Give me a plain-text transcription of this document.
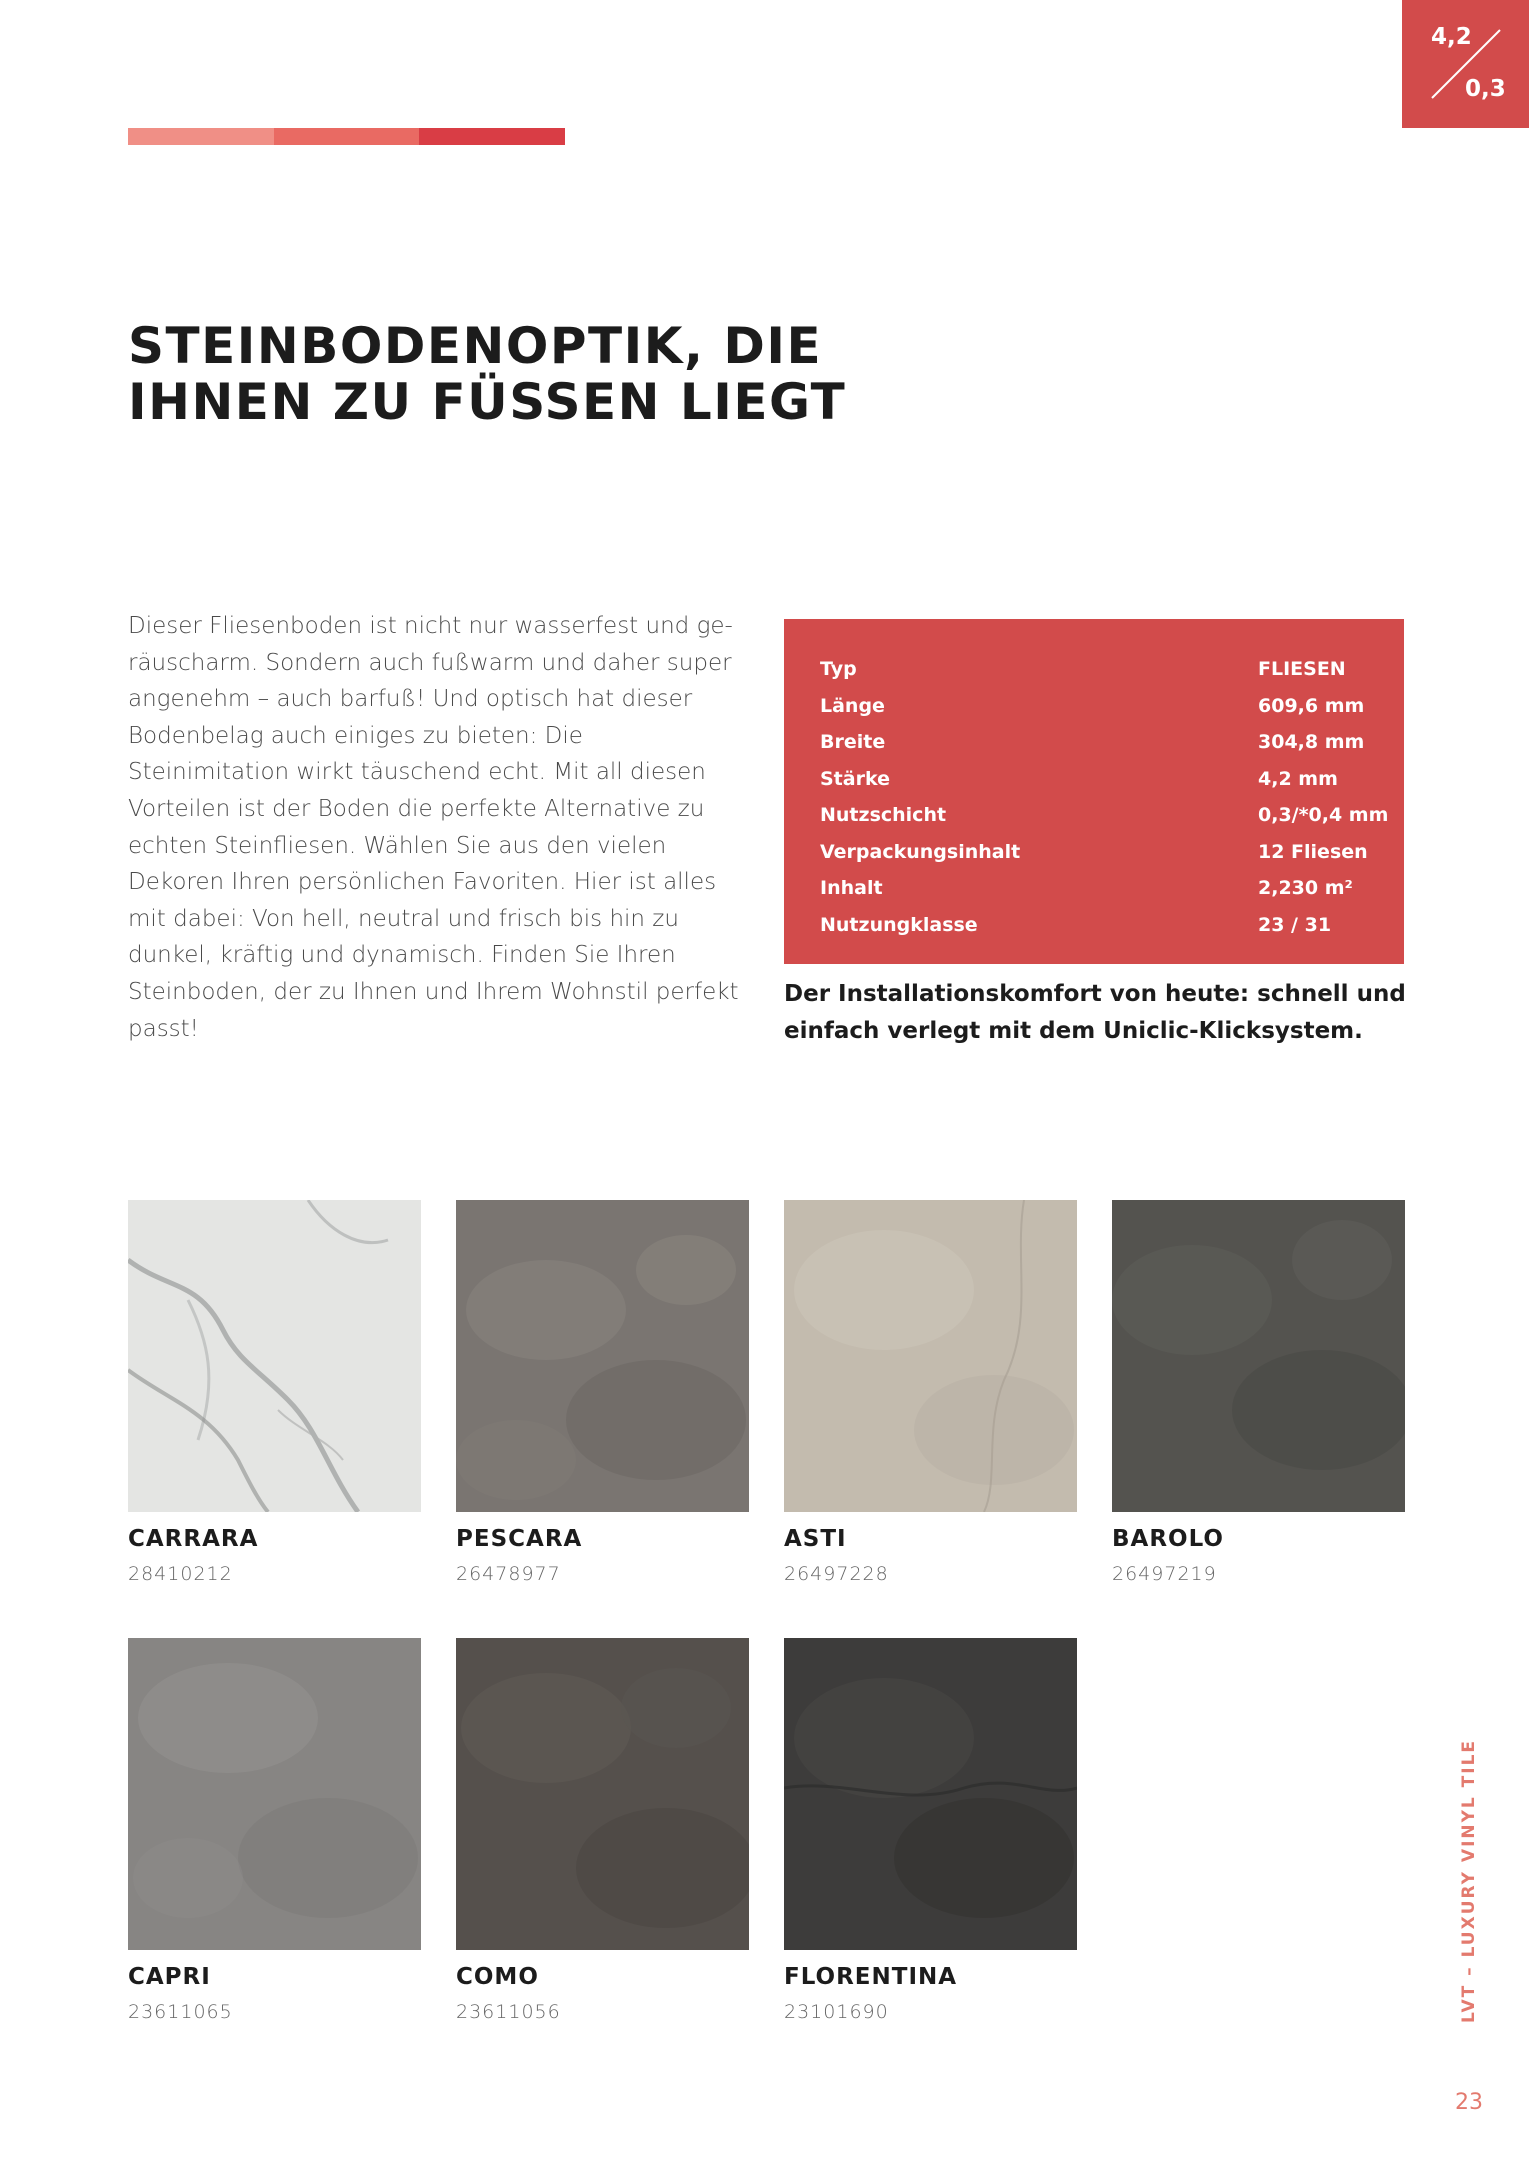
4,2
0,3
STEINBODENOPTIK, DIE
IHNEN ZU FÜSSEN LIEGT

Dieser Fliesenboden ist nicht nur wasserfest und geräuscharm. Sondern auch fußwarm und daher super angenehm – auch barfuß! Und optisch hat dieser Bodenbelag auch einiges zu bieten: Die Steinimitation wirkt täuschend echt. Mit all diesen Vorteilen ist der Boden die perfekte Alternative zu echten Steinfliesen. Wählen Sie aus den vielen Dekoren Ihren persönlichen Favoriten. Hier ist alles mit dabei: Von hell, neutral und frisch bis hin zu dunkel, kräftig und dynamisch. Finden Sie Ihren Steinboden, der zu Ihnen und Ihrem Wohnstil perfekt passt!

Typ	FLIESEN
Länge	609,6 mm
Breite	304,8 mm
Stärke	4,2 mm
Nutzschicht	0,3/*0,4 mm
Verpackungsinhalt	12 Fliesen
Inhalt	2,230 m²
Nutzungklasse	23 / 31

Der Installationskomfort von heute: schnell und einfach verlegt mit dem Uniclic-Klicksystem.

CARRARA
28410212
PESCARA
26478977
ASTI
26497228
BAROLO
26497219
CAPRI
23611065
COMO
23611056
FLORENTINA
23101690	LVT – LUXURY VINYL TILE
23
